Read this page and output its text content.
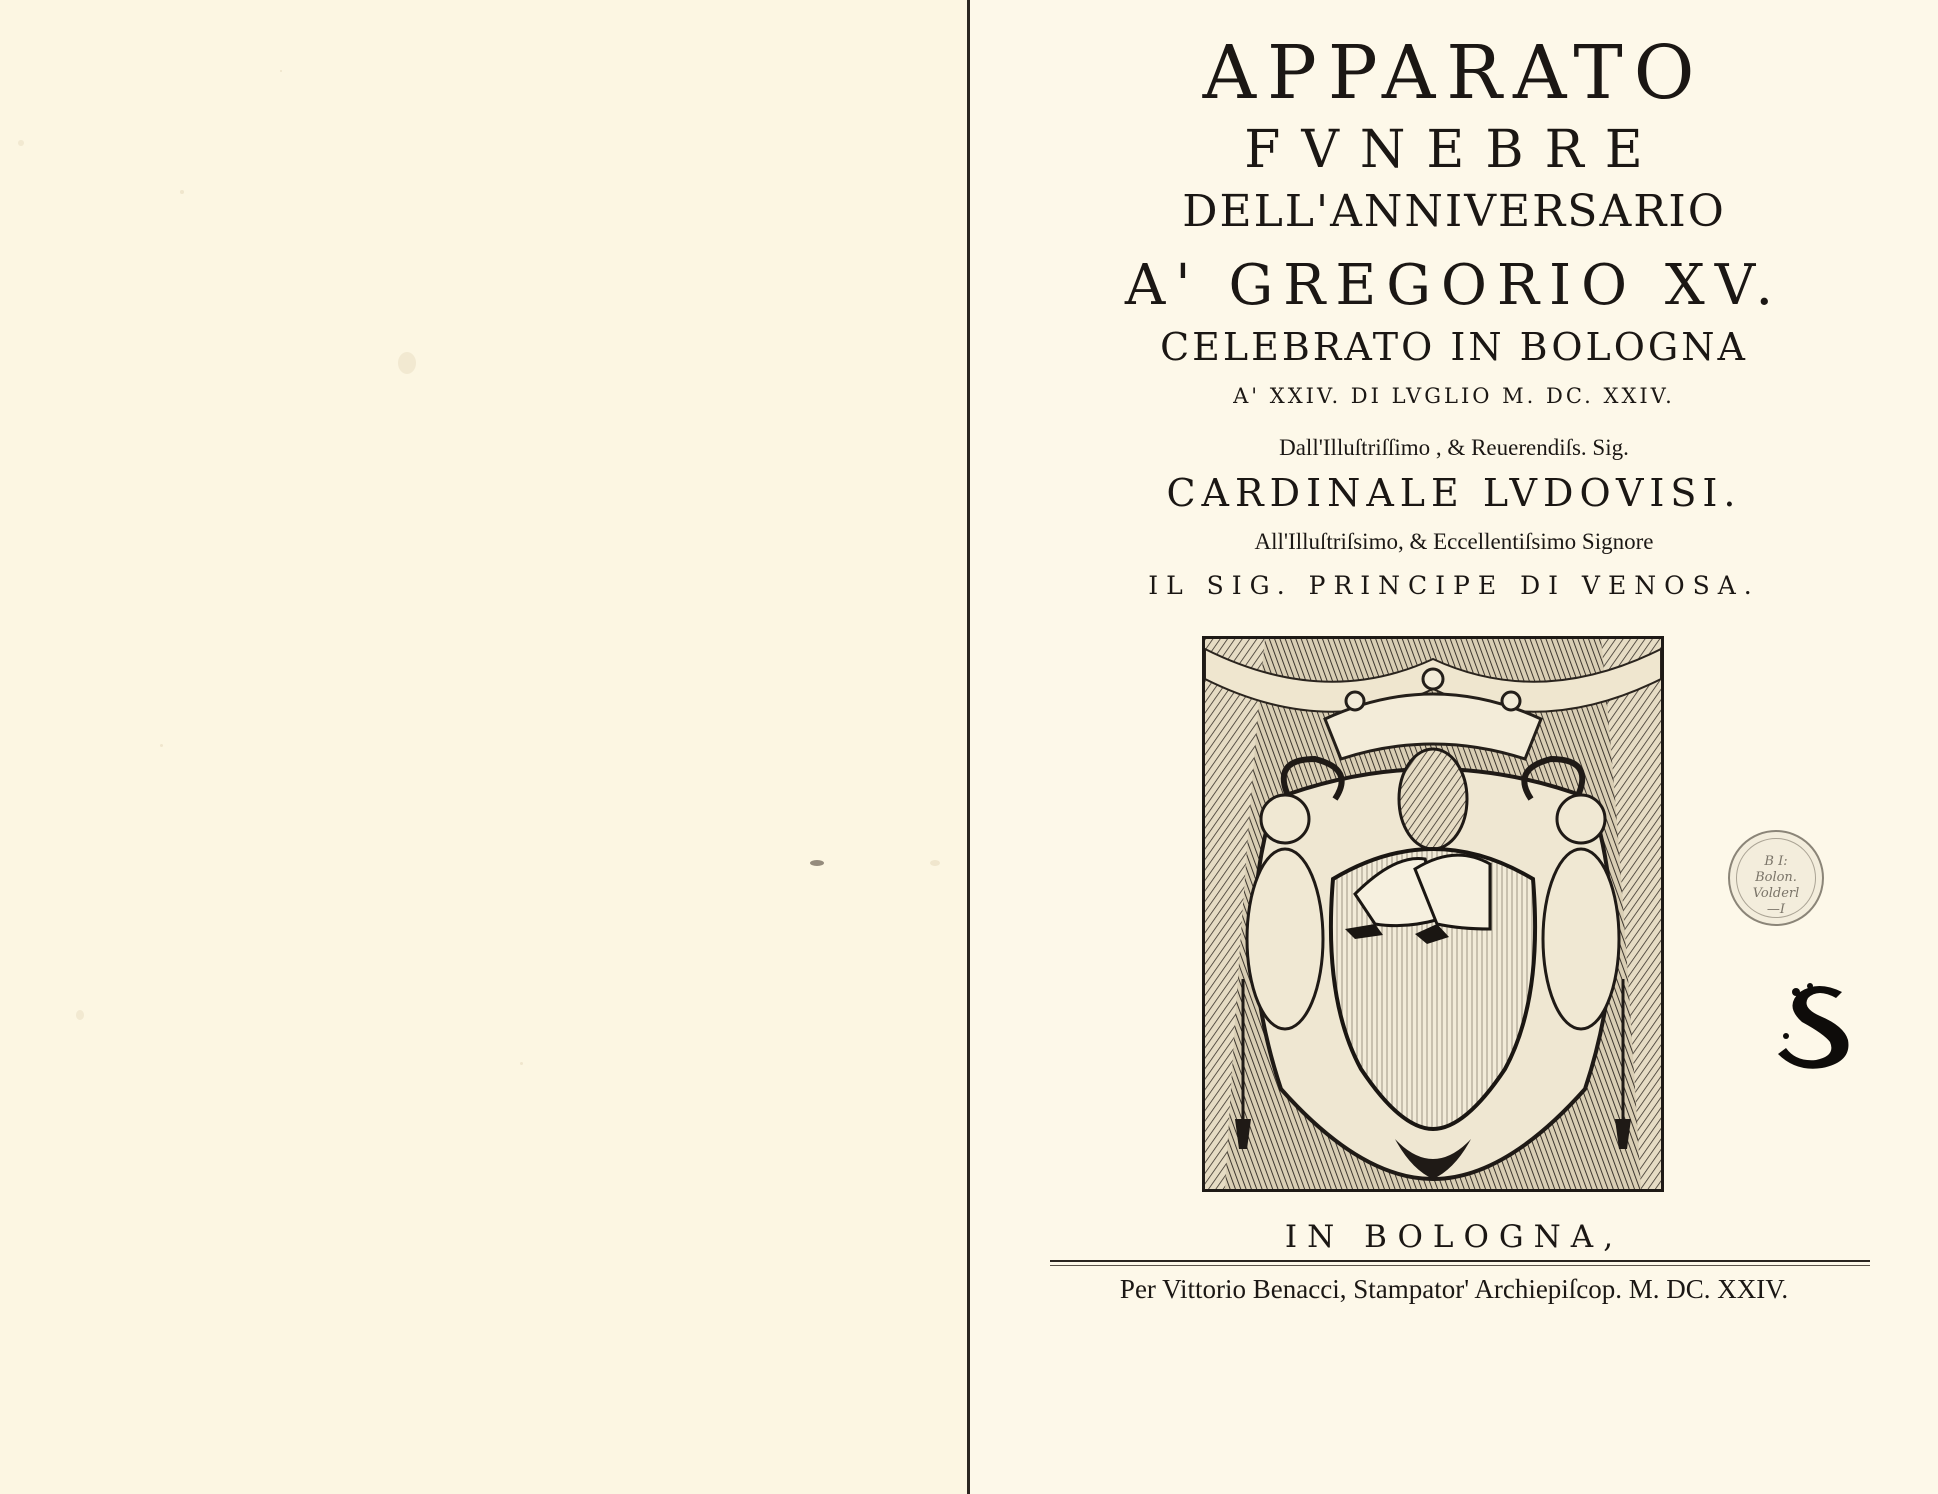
APPARATO
FVNEBRE
DELL'ANNIVERSARIO
A' GREGORIO XV.
CELEBRATO IN BOLOGNA
A' XXIV. DI LVGLIO M. DC. XXIV.
Dall'Illuſtriſſimo , & Reuerendiſs. Sig.
CARDINALE LVDOVISI.
All'Illuſtriſsimo, & Eccellentiſsimo Signore
IL SIG. PRINCIPE DI VENOSA.
IN BOLOGNA,
Per Vittorio Benacci, Stampator' Archiepiſcop. M. DC. XXIV.
B I:
Bolon.
Volderl
—I
